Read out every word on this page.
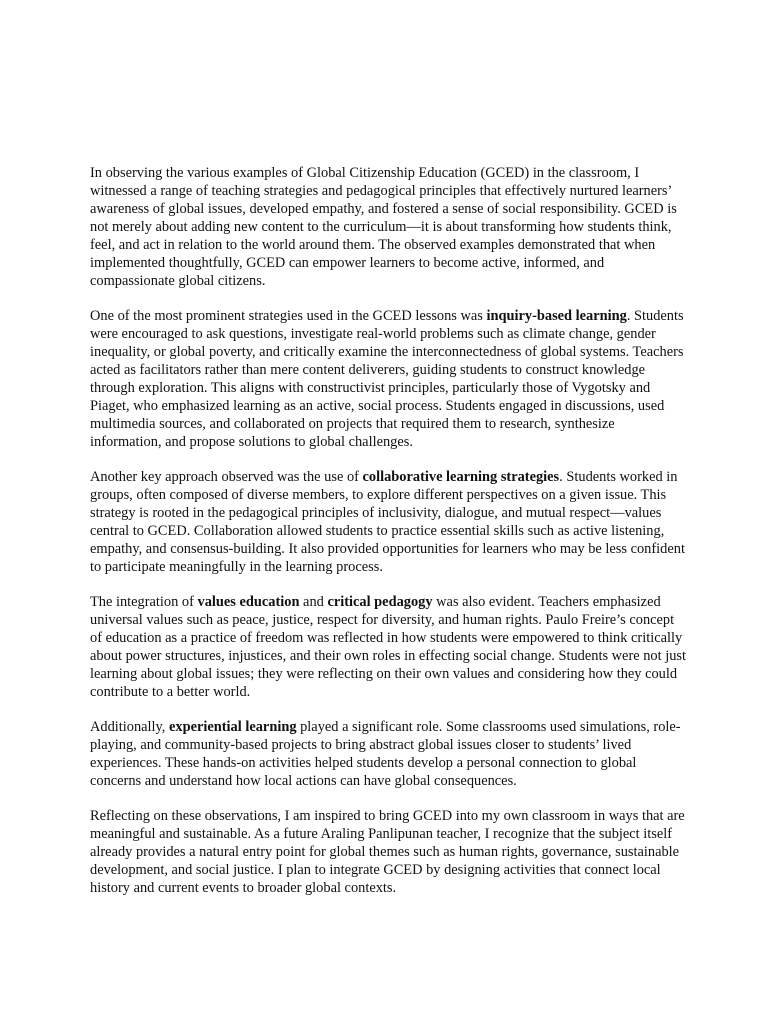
In observing the various examples of Global Citizenship Education (GCED) in the classroom, I witnessed a range of teaching strategies and pedagogical principles that effectively nurtured learners’ awareness of global issues, developed empathy, and fostered a sense of social responsibility. GCED is not merely about adding new content to the curriculum—it is about transforming how students think, feel, and act in relation to the world around them. The observed examples demonstrated that when implemented thoughtfully, GCED can empower learners to become active, informed, and compassionate global citizens.

One of the most prominent strategies used in the GCED lessons was inquiry-based learning. Students were encouraged to ask questions, investigate real-world problems such as climate change, gender inequality, or global poverty, and critically examine the interconnectedness of global systems. Teachers acted as facilitators rather than mere content deliverers, guiding students to construct knowledge through exploration. This aligns with constructivist principles, particularly those of Vygotsky and Piaget, who emphasized learning as an active, social process. Students engaged in discussions, used multimedia sources, and collaborated on projects that required them to research, synthesize information, and propose solutions to global challenges.

Another key approach observed was the use of collaborative learning strategies. Students worked in groups, often composed of diverse members, to explore different perspectives on a given issue. This strategy is rooted in the pedagogical principles of inclusivity, dialogue, and mutual respect—values central to GCED. Collaboration allowed students to practice essential skills such as active listening, empathy, and consensus-building. It also provided opportunities for learners who may be less confident to participate meaningfully in the learning process.

The integration of values education and critical pedagogy was also evident. Teachers emphasized universal values such as peace, justice, respect for diversity, and human rights. Paulo Freire’s concept of education as a practice of freedom was reflected in how students were empowered to think critically about power structures, injustices, and their own roles in effecting social change. Students were not just learning about global issues; they were reflecting on their own values and considering how they could contribute to a better world.

Additionally, experiential learning played a significant role. Some classrooms used simulations, role-playing, and community-based projects to bring abstract global issues closer to students’ lived experiences. These hands-on activities helped students develop a personal connection to global concerns and understand how local actions can have global consequences.

Reflecting on these observations, I am inspired to bring GCED into my own classroom in ways that are meaningful and sustainable. As a future Araling Panlipunan teacher, I recognize that the subject itself already provides a natural entry point for global themes such as human rights, governance, sustainable development, and social justice. I plan to integrate GCED by designing activities that connect local history and current events to broader global contexts.
